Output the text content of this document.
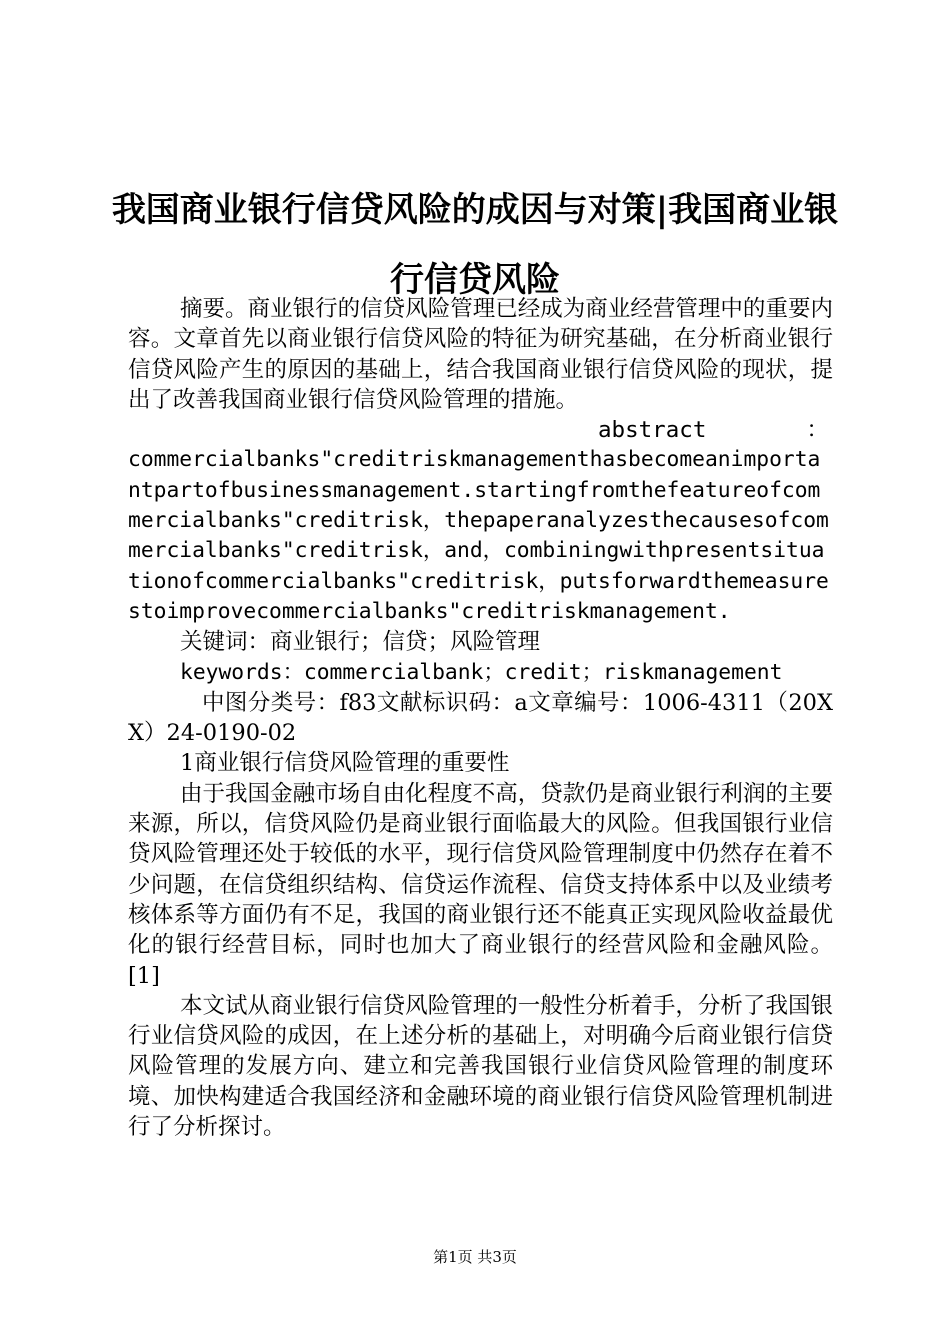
我国商业银行信贷风险的成因与对策|我国商业银行信贷风险

摘要。商业银行的信贷风险管理已经成为商业经营管理中的重要内容。文章首先以商业银行信贷风险的特征为研究基础，在分析商业银行信贷风险产生的原因的基础上，结合我国商业银行信贷风险的现状，提出了改善我国商业银行信贷风险管理的措施。

abstract	：

commercialbanks"creditriskmanagementhasbecomeanimportantpartofbusinessmanagement.startingfromthefeatureofcommercialbanks"creditrisk，thepaperanalyzesthecausesofcommercialbanks"creditrisk，and，combiningwithpresentsituationofcommercialbanks"creditrisk，putsforwardthemeasurestoimprovecommercialbanks"creditriskmanagement.

关键词：商业银行；信贷；风险管理

keywords：commercialbank；credit；riskmanagement

中图分类号：f83文献标识码：a文章编号：1006-4311（20XX）24-0190-02

1商业银行信贷风险管理的重要性

由于我国金融市场自由化程度不高，贷款仍是商业银行利润的主要来源，所以，信贷风险仍是商业银行面临最大的风险。但我国银行业信贷风险管理还处于较低的水平，现行信贷风险管理制度中仍然存在着不少问题，在信贷组织结构、信贷运作流程、信贷支持体系中以及业绩考核体系等方面仍有不足，我国的商业银行还不能真正实现风险收益最优化的银行经营目标，同时也加大了商业银行的经营风险和金融风险。[1]

本文试从商业银行信贷风险管理的一般性分析着手，分析了我国银行业信贷风险的成因，在上述分析的基础上，对明确今后商业银行信贷风险管理的发展方向、建立和完善我国银行业信贷风险管理的制度环境、加快构建适合我国经济和金融环境的商业银行信贷风险管理机制进行了分析探讨。

第1页 共3页
